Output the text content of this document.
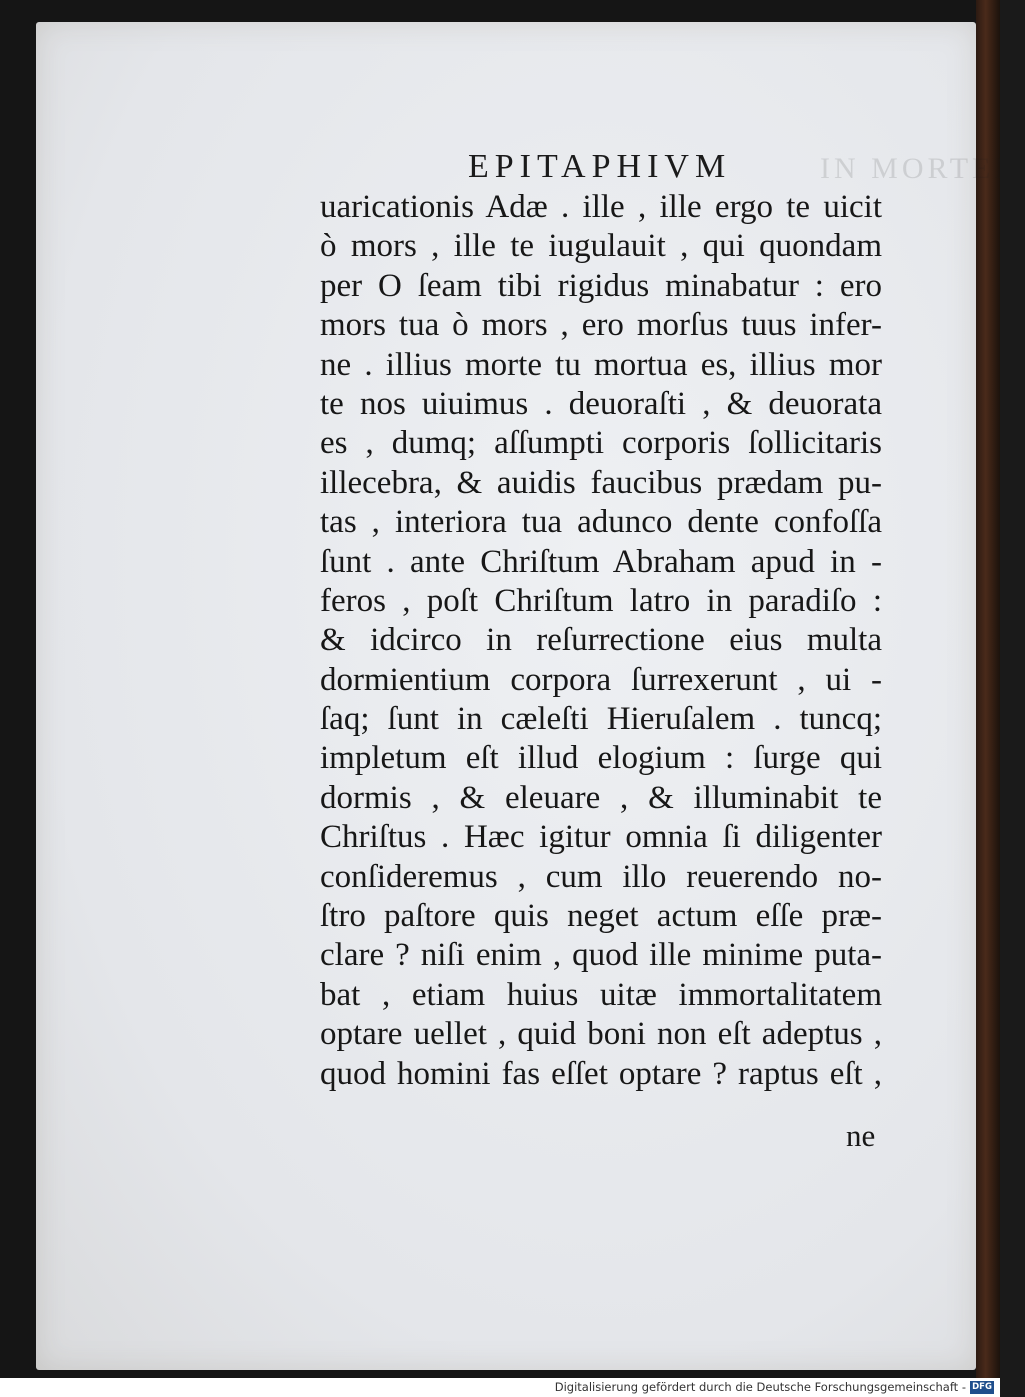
IN MORTEM
EPITAPHIVM
uaricationis Adæ . ille , ille ergo te uicit
ò mors , ille te iugulauit , qui quondam
per O ſeam tibi rigidus minabatur : ero
mors tua ò mors , ero morſus tuus infer-
ne . illius morte tu mortua es, illius mor
te nos uiuimus . deuoraſti , & deuorata
es , dumq; aſſumpti corporis ſollicitaris
illecebra, & auidis faucibus prædam pu-
tas , interiora tua adunco dente confoſſa
ſunt . ante Chriſtum Abraham apud in -
feros , poſt Chriſtum latro in paradiſo :
& idcirco in reſurrectione eius multa
dormientium corpora ſurrexerunt , ui -
ſaq; ſunt in cæleſti Hieruſalem . tuncq;
impletum eſt illud elogium : ſurge qui
dormis , & eleuare , & illuminabit te
Chriſtus . Hæc igitur omnia ſi diligenter
conſideremus , cum illo reuerendo no-
ſtro paſtore quis neget actum eſſe præ-
clare ? niſi enim , quod ille minime puta-
bat , etiam huius uitæ immortalitatem
optare uellet , quid boni non eſt adeptus ,
quod homini fas eſſet optare ? raptus eſt ,
ne
Digitalisierung gefördert durch die Deutsche Forschungsgemeinschaft - DFG
